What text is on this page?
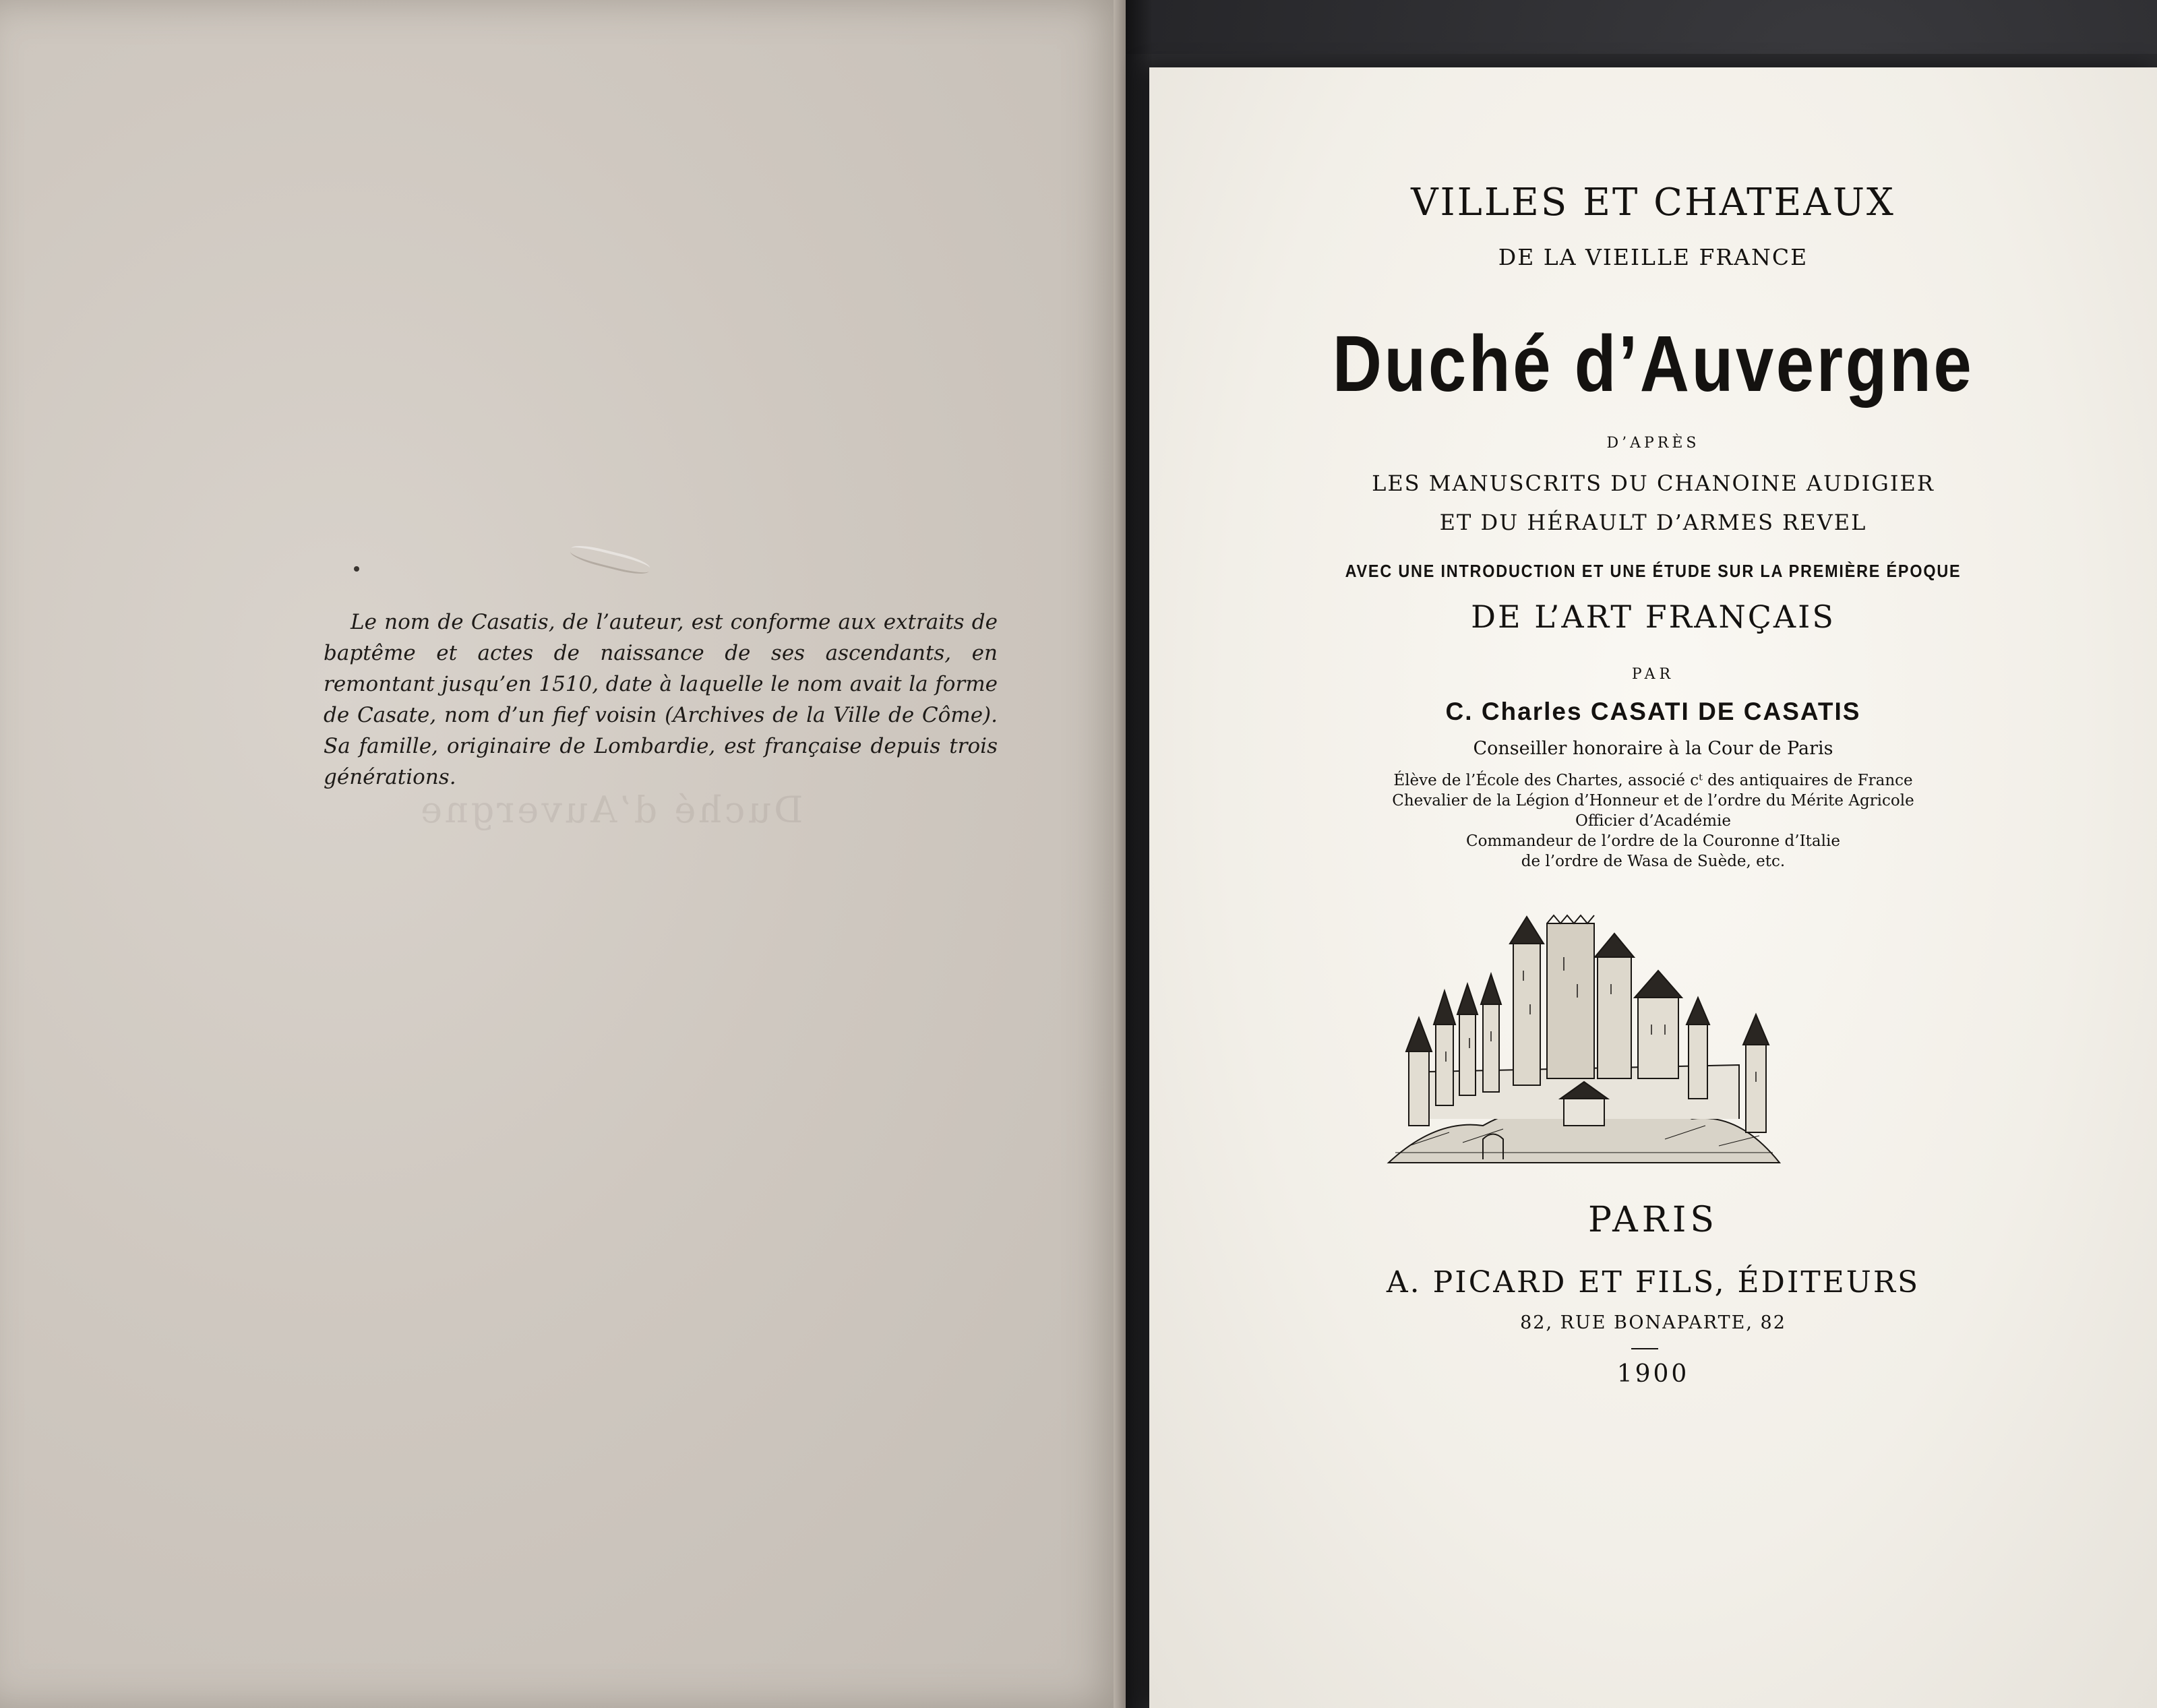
Le nom de Casatis, de l’auteur, est conforme aux extraits de baptême et actes de naissance de ses ascendants, en remontant jusqu’en 1510, date à laquelle le nom avait la forme de Casate, nom d’un fief voisin (Archives de la Ville de Côme). Sa famille, originaire de Lombardie, est française depuis trois générations.
Duché d’Auvergne
VILLES ET CHATEAUX
DE LA VIEILLE FRANCE
Duché d’Auvergne
D’APRÈS
LES MANUSCRITS DU CHANOINE AUDIGIER
ET DU HÉRAULT D’ARMES REVEL
AVEC UNE INTRODUCTION ET UNE ÉTUDE SUR LA PREMIÈRE ÉPOQUE
DE L’ART FRANÇAIS
PAR
C. Charles CASATI DE CASATIS
Conseiller honoraire à la Cour de Paris
Élève de l’École des Chartes, associé cᵗ des antiquaires de France
Chevalier de la Légion d’Honneur et de l’ordre du Mérite Agricole
Officier d’Académie
Commandeur de l’ordre de la Couronne d’Italie
de l’ordre de Wasa de Suède, etc.
PARIS
A. PICARD ET FILS, ÉDITEURS
82, RUE BONAPARTE, 82
1900
